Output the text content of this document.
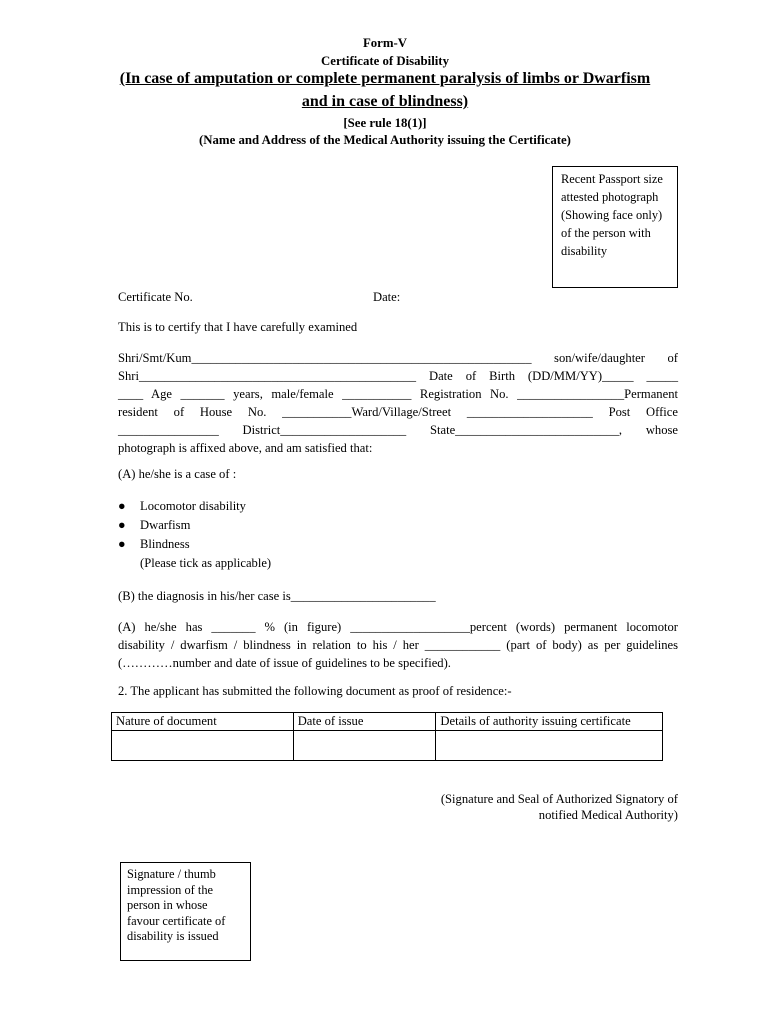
Form-V
Certificate of Disability
(In case of amputation or complete permanent paralysis of limbs or Dwarfism
and in case of blindness)
[See rule 18(1)]
(Name and Address of the Medical Authority issuing the Certificate)
Recent Passport size
attested photograph
(Showing face only)
of the person with
disability
Certificate No.	Date:
This is to certify that I have carefully examined
Shri/Smt/Kum______________________________________________________ son/wife/daughter of
Shri____________________________________________ Date of Birth (DD/MM/YY)_____ _____
____ Age _______ years, male/female ___________ Registration No. _________________Permanent
resident of House No. ___________Ward/Village/Street ____________________ Post Office
________________ District____________________ State__________________________, whose
photograph is affixed above, and am satisfied that:
(A) he/she is a case of :
● Locomotor disability
● Dwarfism
● Blindness
(Please tick as applicable)
(B) the diagnosis in his/her case is_______________________
(A) he/she has _______ % (in figure) ___________________percent (words) permanent locomotor
disability / dwarfism / blindness in relation to his / her ____________ (part of body) as per guidelines
(…………number and date of issue of guidelines to be specified).
2. The applicant has submitted the following document as proof of residence:-
Nature of document	Date of issue	Details of authority issuing certificate

(Signature and Seal of Authorized Signatory of
notified Medical Authority)
Signature / thumb
impression of the
person in whose
favour certificate of
disability is issued
